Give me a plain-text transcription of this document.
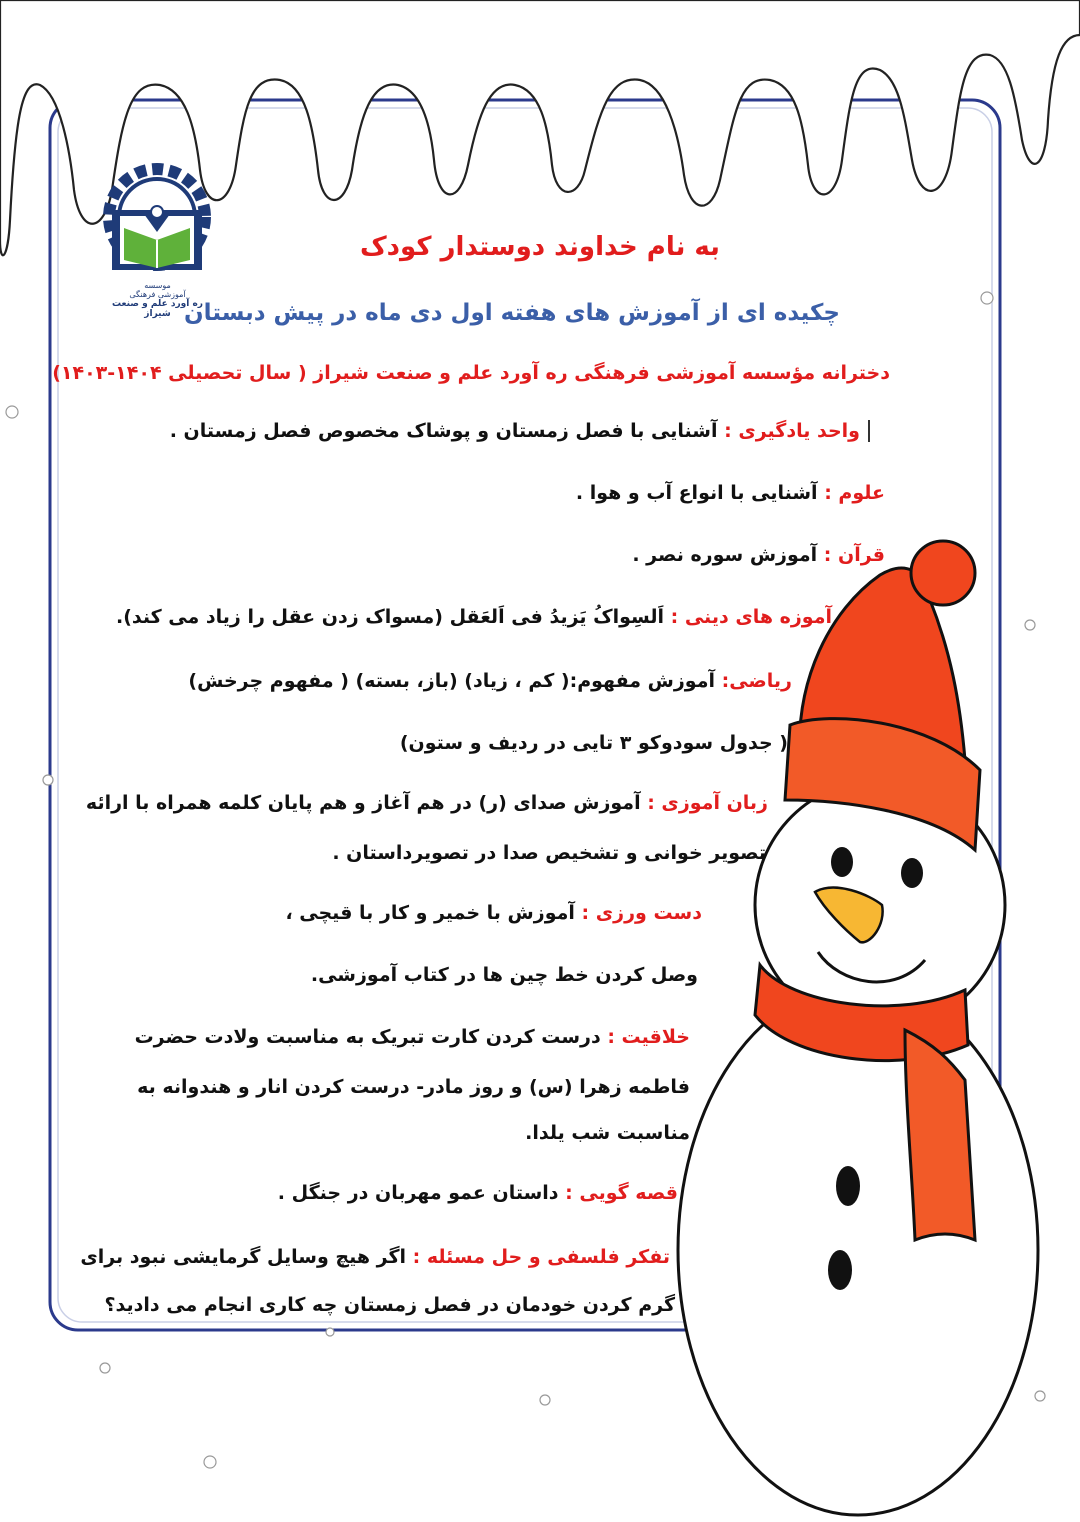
موسسه
آموزشی فرهنگی
ره آورد علم و صنعت شیراز
به نام خداوند دوستدار کودک
چکیده ای از آموزش های هفته اول دی ماه در پیش دبستان
دخترانه مؤسسه آموزشی فرهنگی ره آورد علم و صنعت شیراز ( سال تحصیلی ۱۴۰۴-۱۴۰۳)
واحد یادگیری : آشنایی با فصل زمستان و پوشاک مخصوص فصل زمستان .
علوم : آشنایی با انواع آب و هوا .
قرآن : آموزش سوره نصر .
آموزه های دینی : اَلسِواکُ یَزیدُ فی اَلعَقل (مسواک زدن عقل را زیاد می کند).
ریاضی: آموزش مفهوم:( کم ، زیاد) (باز، بسته) ( مفهوم چرخش)
( جدول سودوکو ۳ تایی در ردیف و ستون)
زبان آموزی : آموزش صدای (ر) در هم آغاز و هم پایان کلمه همراه با ارائه
تصویر خوانی و تشخیص صدا در تصویرداستان .
دست ورزی : آموزش با خمیر و کار با قیچی ،
وصل کردن خط چین ها در کتاب آموزشی.
خلاقیت : درست کردن کارت تبریک به مناسبت ولادت حضرت
فاطمه زهرا (س) و روز مادر- درست کردن انار و هندوانه به
مناسبت شب یلدا.
قصه گویی : داستان عمو مهربان در جنگل .
تفکر فلسفی و حل مسئله : اگر هیچ وسایل گرمایشی نبود برای
گرم کردن خودمان در فصل زمستان چه کاری انجام می دادید؟
